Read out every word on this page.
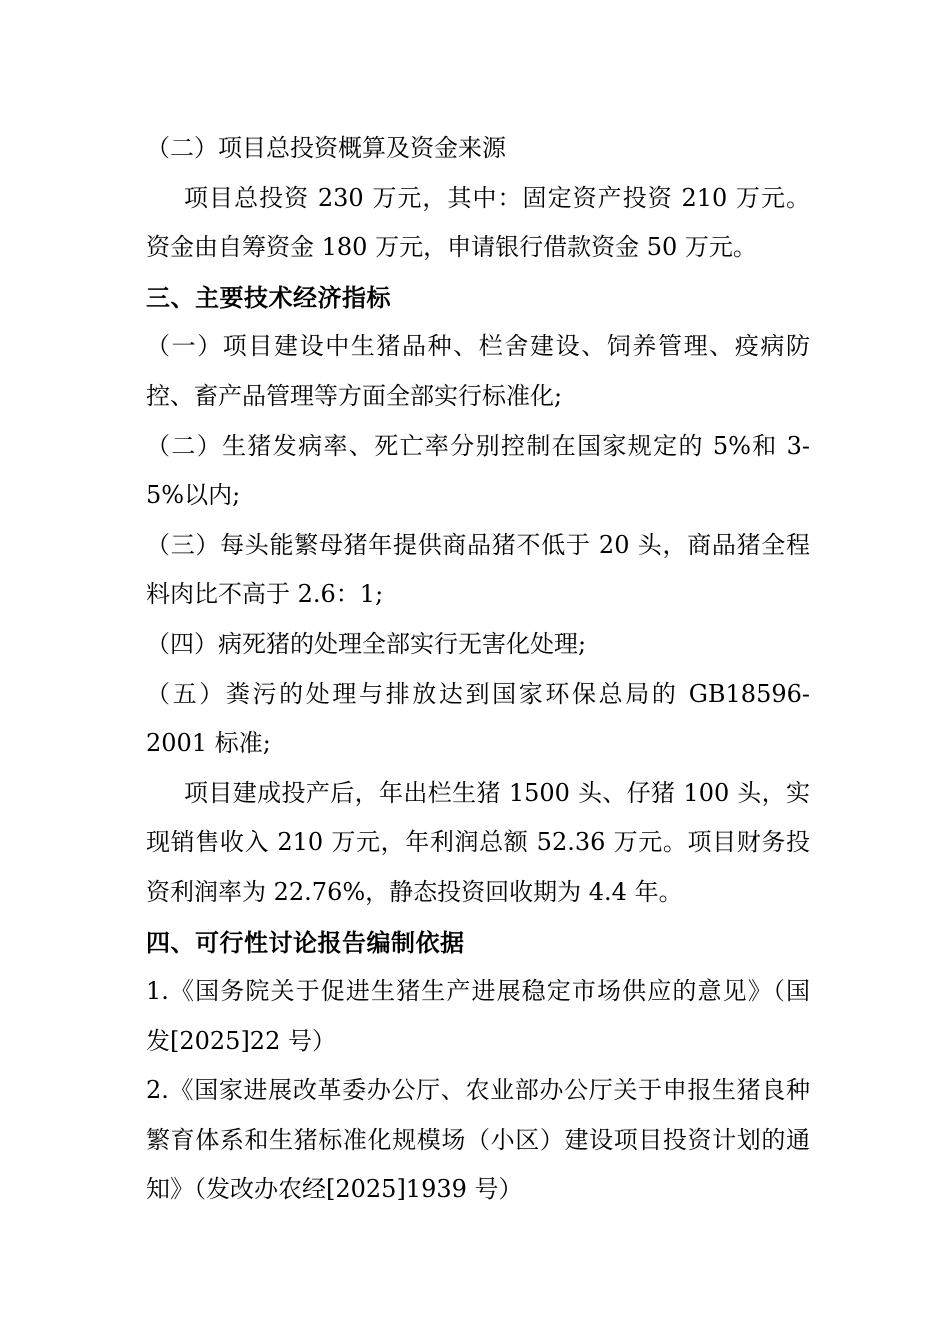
（二）项目总投资概算及资金来源

项目总投资 230 万元，其中：固定资产投资 210 万元。资金由自筹资金 180 万元，申请银行借款资金 50 万元。

三、主要技术经济指标

（一）项目建设中生猪品种、栏舍建设、饲养管理、疫病防控、畜产品管理等方面全部实行标准化;

（二）生猪发病率、死亡率分别控制在国家规定的 5%和 3-5%以内;

（三）每头能繁母猪年提供商品猪不低于 20 头，商品猪全程料肉比不高于 2.6：1;

（四）病死猪的处理全部实行无害化处理;

（五）粪污的处理与排放达到国家环保总局的 GB18596-2001 标准;

项目建成投产后，年出栏生猪 1500 头、仔猪 100 头，实现销售收入 210 万元，年利润总额 52.36 万元。项目财务投资利润率为 22.76%，静态投资回收期为 4.4 年。

四、可行性讨论报告编制依据

1.《国务院关于促进生猪生产进展稳定市场供应的意见》（国    发[2025]22 号）

2.《国家进展改革委办公厅、农业部办公厅关于申报生猪良种繁育体系和生猪标准化规模场（小区）建设项目投资计划的通知》（发改办农经[2025]1939 号）
